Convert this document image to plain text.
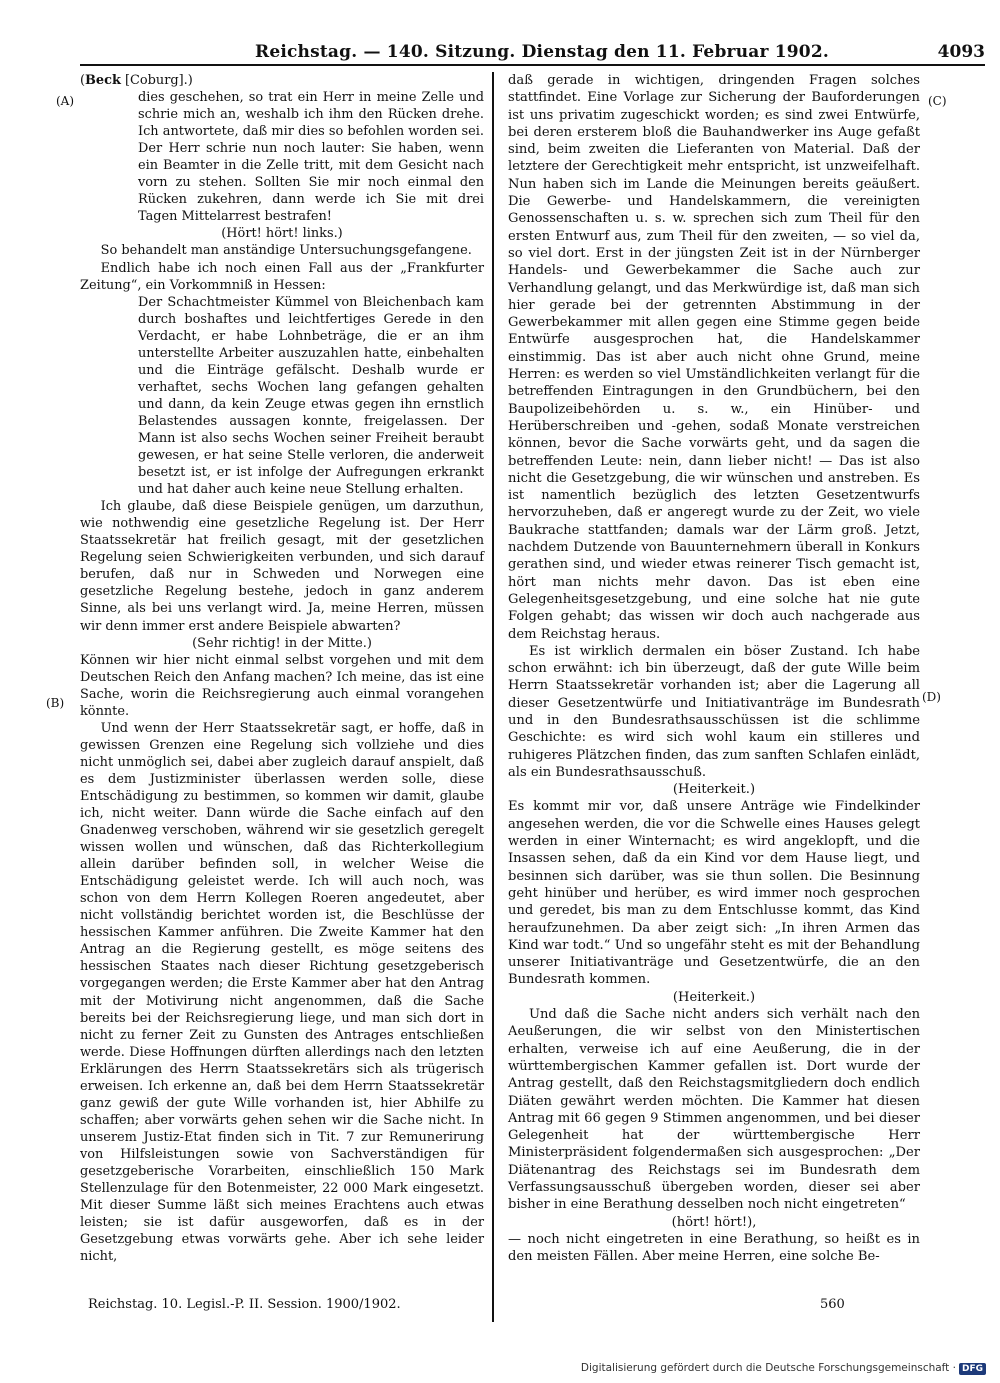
Reichstag. — 140. Sitzung. Dienstag den 11. Februar 1902.	4093
(A)
(B)
(C)
(D)

(Beck [Coburg].)

dies geschehen, so trat ein Herr in meine Zelle und schrie mich an, weshalb ich ihm den Rücken drehe. Ich antwortete, daß mir dies so befohlen worden sei. Der Herr schrie nun noch lauter: Sie haben, wenn ein Beamter in die Zelle tritt, mit dem Gesicht nach vorn zu stehen. Sollten Sie mir noch einmal den Rücken zukehren, dann werde ich Sie mit drei Tagen Mittelarrest bestrafen!

(Hört! hört! links.)

So behandelt man anständige Untersuchungsgefangene.

Endlich habe ich noch einen Fall aus der „Frankfurter Zeitung“, ein Vorkommniß in Hessen:

Der Schachtmeister Kümmel von Bleichenbach kam durch boshaftes und leichtfertiges Gerede in den Verdacht, er habe Lohnbeträge, die er an ihm unterstellte Arbeiter auszuzahlen hatte, einbehalten und die Einträge gefälscht. Deshalb wurde er verhaftet, sechs Wochen lang gefangen gehalten und dann, da kein Zeuge etwas gegen ihn ernstlich Belastendes aussagen konnte, freigelassen. Der Mann ist also sechs Wochen seiner Freiheit beraubt gewesen, er hat seine Stelle verloren, die anderweit besetzt ist, er ist infolge der Aufregungen erkrankt und hat daher auch keine neue Stellung erhalten.

Ich glaube, daß diese Beispiele genügen, um darzuthun, wie nothwendig eine gesetzliche Regelung ist. Der Herr Staatssekretär hat freilich gesagt, mit der gesetzlichen Regelung seien Schwierigkeiten verbunden, und sich darauf berufen, daß nur in Schweden und Norwegen eine gesetzliche Regelung bestehe, jedoch in ganz anderem Sinne, als bei uns verlangt wird. Ja, meine Herren, müssen wir denn immer erst andere Beispiele abwarten?

(Sehr richtig! in der Mitte.)

Können wir hier nicht einmal selbst vorgehen und mit dem Deutschen Reich den Anfang machen? Ich meine, das ist eine Sache, worin die Reichsregierung auch einmal vorangehen könnte.

Und wenn der Herr Staatssekretär sagt, er hoffe, daß in gewissen Grenzen eine Regelung sich vollziehe und dies nicht unmöglich sei, dabei aber zugleich darauf anspielt, daß es dem Justizminister überlassen werden solle, diese Entschädigung zu bestimmen, so kommen wir damit, glaube ich, nicht weiter. Dann würde die Sache einfach auf den Gnadenweg verschoben, während wir sie gesetzlich geregelt wissen wollen und wünschen, daß das Richterkollegium allein darüber befinden soll, in welcher Weise die Entschädigung geleistet werde. Ich will auch noch, was schon von dem Herrn Kollegen Roeren angedeutet, aber nicht vollständig berichtet worden ist, die Beschlüsse der hessischen Kammer anführen. Die Zweite Kammer hat den Antrag an die Regierung gestellt, es möge seitens des hessischen Staates nach dieser Richtung gesetzgeberisch vorgegangen werden; die Erste Kammer aber hat den Antrag mit der Motivirung nicht angenommen, daß die Sache bereits bei der Reichsregierung liege, und man sich dort in nicht zu ferner Zeit zu Gunsten des Antrages entschließen werde. Diese Hoffnungen dürften allerdings nach den letzten Erklärungen des Herrn Staatssekretärs sich als trügerisch erweisen. Ich erkenne an, daß bei dem Herrn Staatssekretär ganz gewiß der gute Wille vorhanden ist, hier Abhilfe zu schaffen; aber vorwärts gehen sehen wir die Sache nicht. In unserem Justiz-Etat finden sich in Tit. 7 zur Remunerirung von Hilfsleistungen sowie von Sachverständigen für gesetzgeberische Vorarbeiten, einschließlich 150 Mark Stellenzulage für den Botenmeister, 22 000 Mark eingesetzt. Mit dieser Summe läßt sich meines Erachtens auch etwas leisten; sie ist dafür ausgeworfen, daß es in der Gesetzgebung etwas vorwärts gehe. Aber ich sehe leider nicht,

daß gerade in wichtigen, dringenden Fragen solches stattfindet. Eine Vorlage zur Sicherung der Bauforderungen ist uns privatim zugeschickt worden; es sind zwei Entwürfe, bei deren ersterem bloß die Bauhandwerker ins Auge gefaßt sind, beim zweiten die Lieferanten von Material. Daß der letztere der Gerechtigkeit mehr entspricht, ist unzweifelhaft. Nun haben sich im Lande die Meinungen bereits geäußert. Die Gewerbe- und Handelskammern, die vereinigten Genossenschaften u. s. w. sprechen sich zum Theil für den ersten Entwurf aus, zum Theil für den zweiten, — so viel da, so viel dort. Erst in der jüngsten Zeit ist in der Nürnberger Handels- und Gewerbekammer die Sache auch zur Verhandlung gelangt, und das Merkwürdige ist, daß man sich hier gerade bei der getrennten Abstimmung in der Gewerbekammer mit allen gegen eine Stimme gegen beide Entwürfe ausgesprochen hat, die Handelskammer einstimmig. Das ist aber auch nicht ohne Grund, meine Herren: es werden so viel Umständlichkeiten verlangt für die betreffenden Eintragungen in den Grundbüchern, bei den Baupolizeibehörden u. s. w., ein Hinüber- und Herüberschreiben und -gehen, sodaß Monate verstreichen können, bevor die Sache vorwärts geht, und da sagen die betreffenden Leute: nein, dann lieber nicht! — Das ist also nicht die Gesetzgebung, die wir wünschen und anstreben. Es ist namentlich bezüglich des letzten Gesetzentwurfs hervorzuheben, daß er angeregt wurde zu der Zeit, wo viele Baukrache stattfanden; damals war der Lärm groß. Jetzt, nachdem Dutzende von Bauunternehmern überall in Konkurs gerathen sind, und wieder etwas reinerer Tisch gemacht ist, hört man nichts mehr davon. Das ist eben eine Gelegenheitsgesetzgebung, und eine solche hat nie gute Folgen gehabt; das wissen wir doch auch nachgerade aus dem Reichstag heraus.

Es ist wirklich dermalen ein böser Zustand. Ich habe schon erwähnt: ich bin überzeugt, daß der gute Wille beim Herrn Staatssekretär vorhanden ist; aber die Lagerung all dieser Gesetzentwürfe und Initiativanträge im Bundesrath und in den Bundesrathsausschüssen ist die schlimme Geschichte: es wird sich wohl kaum ein stilleres und ruhigeres Plätzchen finden, das zum sanften Schlafen einlädt, als ein Bundesrathsausschuß.

(Heiterkeit.)

Es kommt mir vor, daß unsere Anträge wie Findelkinder angesehen werden, die vor die Schwelle eines Hauses gelegt werden in einer Winternacht; es wird angeklopft, und die Insassen sehen, daß da ein Kind vor dem Hause liegt, und besinnen sich darüber, was sie thun sollen. Die Besinnung geht hinüber und herüber, es wird immer noch gesprochen und geredet, bis man zu dem Entschlusse kommt, das Kind heraufzunehmen. Da aber zeigt sich: „In ihren Armen das Kind war todt.“ Und so ungefähr steht es mit der Behandlung unserer Initiativanträge und Gesetzentwürfe, die an den Bundesrath kommen.

(Heiterkeit.)

Und daß die Sache nicht anders sich verhält nach den Aeußerungen, die wir selbst von den Ministertischen erhalten, verweise ich auf eine Aeußerung, die in der württembergischen Kammer gefallen ist. Dort wurde der Antrag gestellt, daß den Reichstagsmitgliedern doch endlich Diäten gewährt werden möchten. Die Kammer hat diesen Antrag mit 66 gegen 9 Stimmen angenommen, und bei dieser Gelegenheit hat der württembergische Herr Ministerpräsident folgendermaßen sich ausgesprochen: „Der Diätenantrag des Reichstags sei im Bundesrath dem Verfassungsausschuß übergeben worden, dieser sei aber bisher in eine Berathung desselben noch nicht eingetreten“

(hört! hört!),

— noch nicht eingetreten in eine Berathung, so heißt es in den meisten Fällen. Aber meine Herren, eine solche Be-

Reichstag. 10. Legisl.-P. II. Session. 1900/1902.	560
Digitalisierung gefördert durch die Deutsche Forschungsgemeinschaft · DFG
